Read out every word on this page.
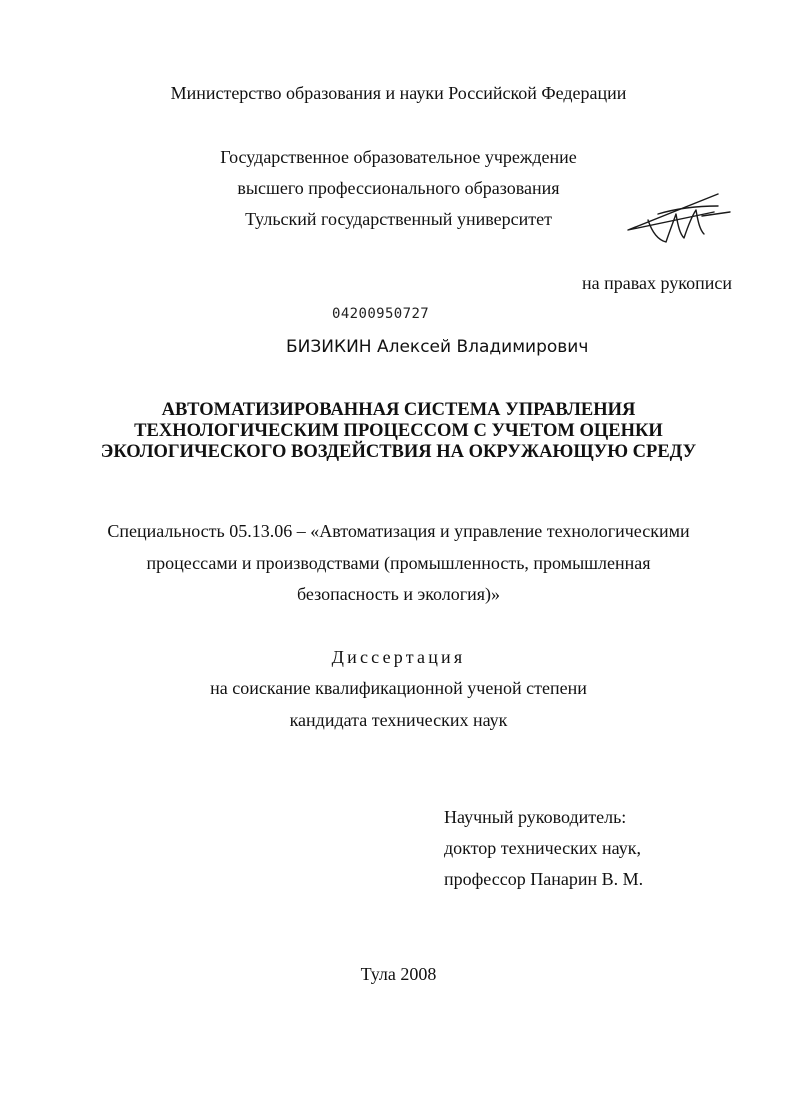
Министерство образования и науки Российской Федерации
Государственное образовательное учреждение
высшего профессионального образования
Тульский государственный университет
на правах рукописи
04200950727
БИЗИКИН Алексей Владимирович
АВТОМАТИЗИРОВАННАЯ СИСТЕМА УПРАВЛЕНИЯ
ТЕХНОЛОГИЧЕСКИМ ПРОЦЕССОМ С УЧЕТОМ ОЦЕНКИ
ЭКОЛОГИЧЕСКОГО ВОЗДЕЙСТВИЯ НА ОКРУЖАЮЩУЮ СРЕДУ
Специальность 05.13.06 – «Автоматизация и управление технологическими
процессами и производствами (промышленность, промышленная
безопасность и экология)»
Диссертация
на соискание квалификационной ученой степени
кандидата технических наук
Научный руководитель:
доктор технических наук,
профессор Панарин В. М.
Тула 2008
